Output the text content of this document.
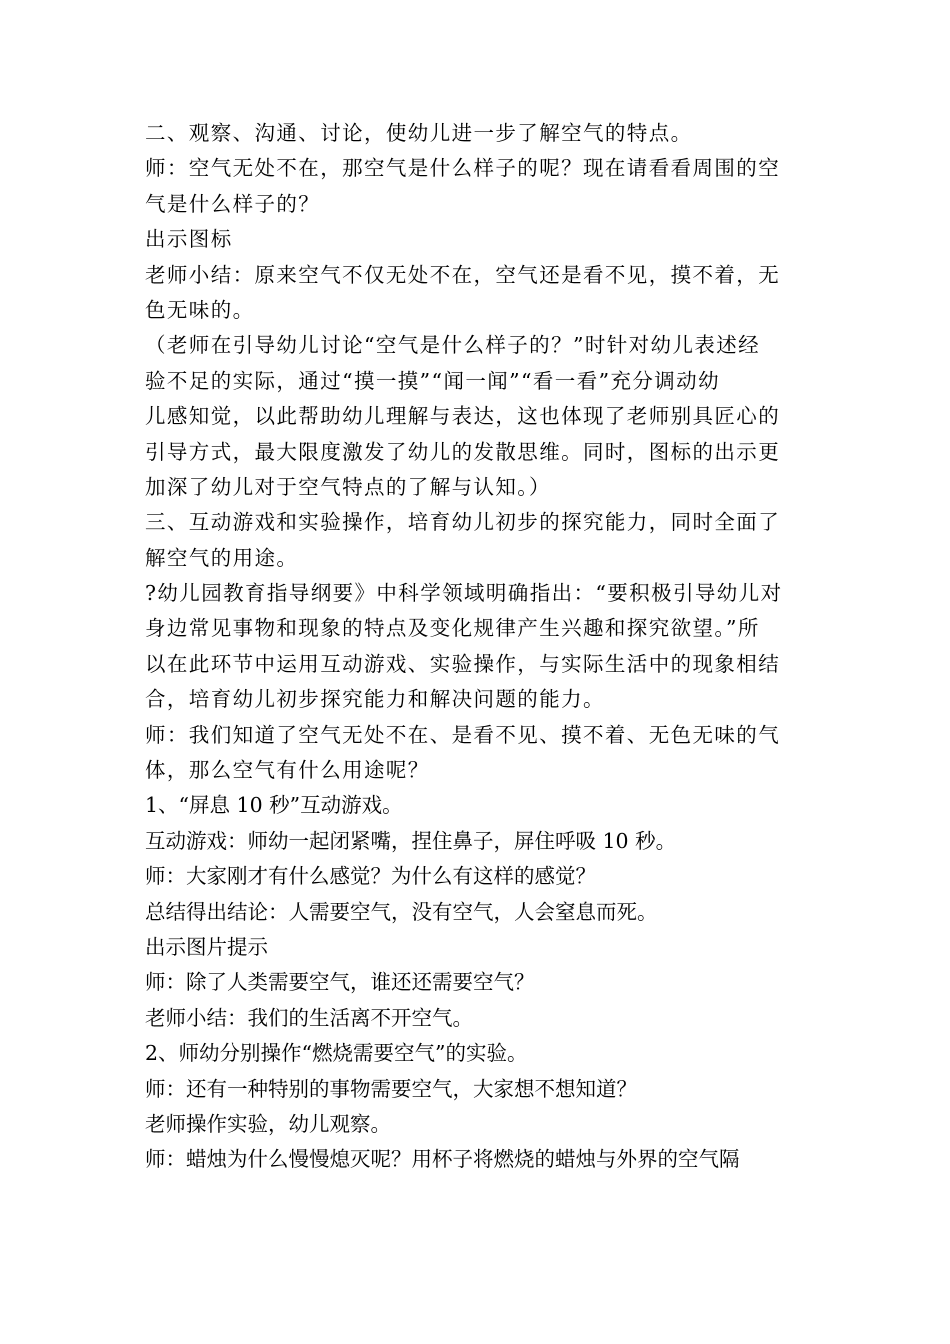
二、观察、沟通、讨论，使幼儿进一步了解空气的特点。
师：空气无处不在，那空气是什么样子的呢？现在请看看周围的空
气是什么样子的？
出示图标
老师小结：原来空气不仅无处不在，空气还是看不见，摸不着，无
色无味的。
（老师在引导幼儿讨论“空气是什么样子的？”时针对幼儿表述经
验不足的实际，通过“摸一摸”“闻一闻”“看一看”充分调动幼
儿感知觉，以此帮助幼儿理解与表达，这也体现了老师别具匠心的
引导方式，最大限度激发了幼儿的发散思维。同时，图标的出示更
加深了幼儿对于空气特点的了解与认知。）
三、互动游戏和实验操作，培育幼儿初步的探究能力，同时全面了
解空气的用途。
?幼儿园教育指导纲要》中科学领域明确指出：“要积极引导幼儿对
身边常见事物和现象的特点及变化规律产生兴趣和探究欲望。”所
以在此环节中运用互动游戏、实验操作，与实际生活中的现象相结
合，培育幼儿初步探究能力和解决问题的能力。
师：我们知道了空气无处不在、是看不见、摸不着、无色无味的气
体，那么空气有什么用途呢？
1、“屏息 10 秒”互动游戏。
互动游戏：师幼一起闭紧嘴，捏住鼻子，屏住呼吸 10 秒。
师：大家刚才有什么感觉？为什么有这样的感觉？
总结得出结论：人需要空气，没有空气，人会窒息而死。
出示图片提示
师：除了人类需要空气，谁还还需要空气？
老师小结：我们的生活离不开空气。
2、师幼分别操作“燃烧需要空气”的实验。
师：还有一种特别的事物需要空气，大家想不想知道？
老师操作实验，幼儿观察。
师：蜡烛为什么慢慢熄灭呢？用杯子将燃烧的蜡烛与外界的空气隔
